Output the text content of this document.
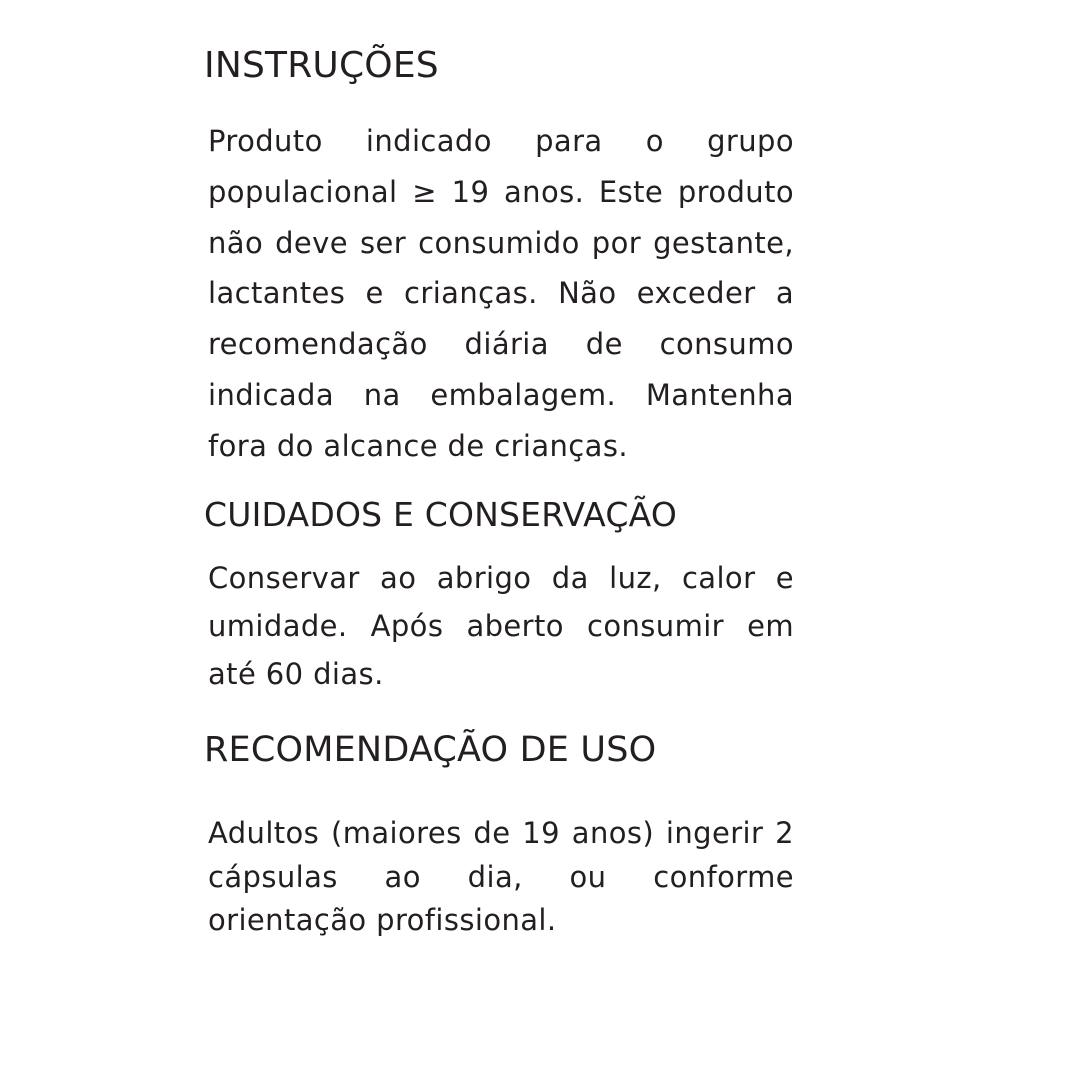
INSTRUÇÕES

Produto indicado para o grupo populacional ≥ 19 anos. Este produto não deve ser consumido por gestante, lactantes e crianças. Não exceder a recomendação diária de consumo indicada na embalagem. Mantenha fora do alcance de crianças.

CUIDADOS E CONSERVAÇÃO

Conservar ao abrigo da luz, calor e umidade. Após aberto consumir em até 60 dias.

RECOMENDAÇÃO DE USO

Adultos (maiores de 19 anos) ingerir 2 cápsulas ao dia, ou conforme orientação profissional.
